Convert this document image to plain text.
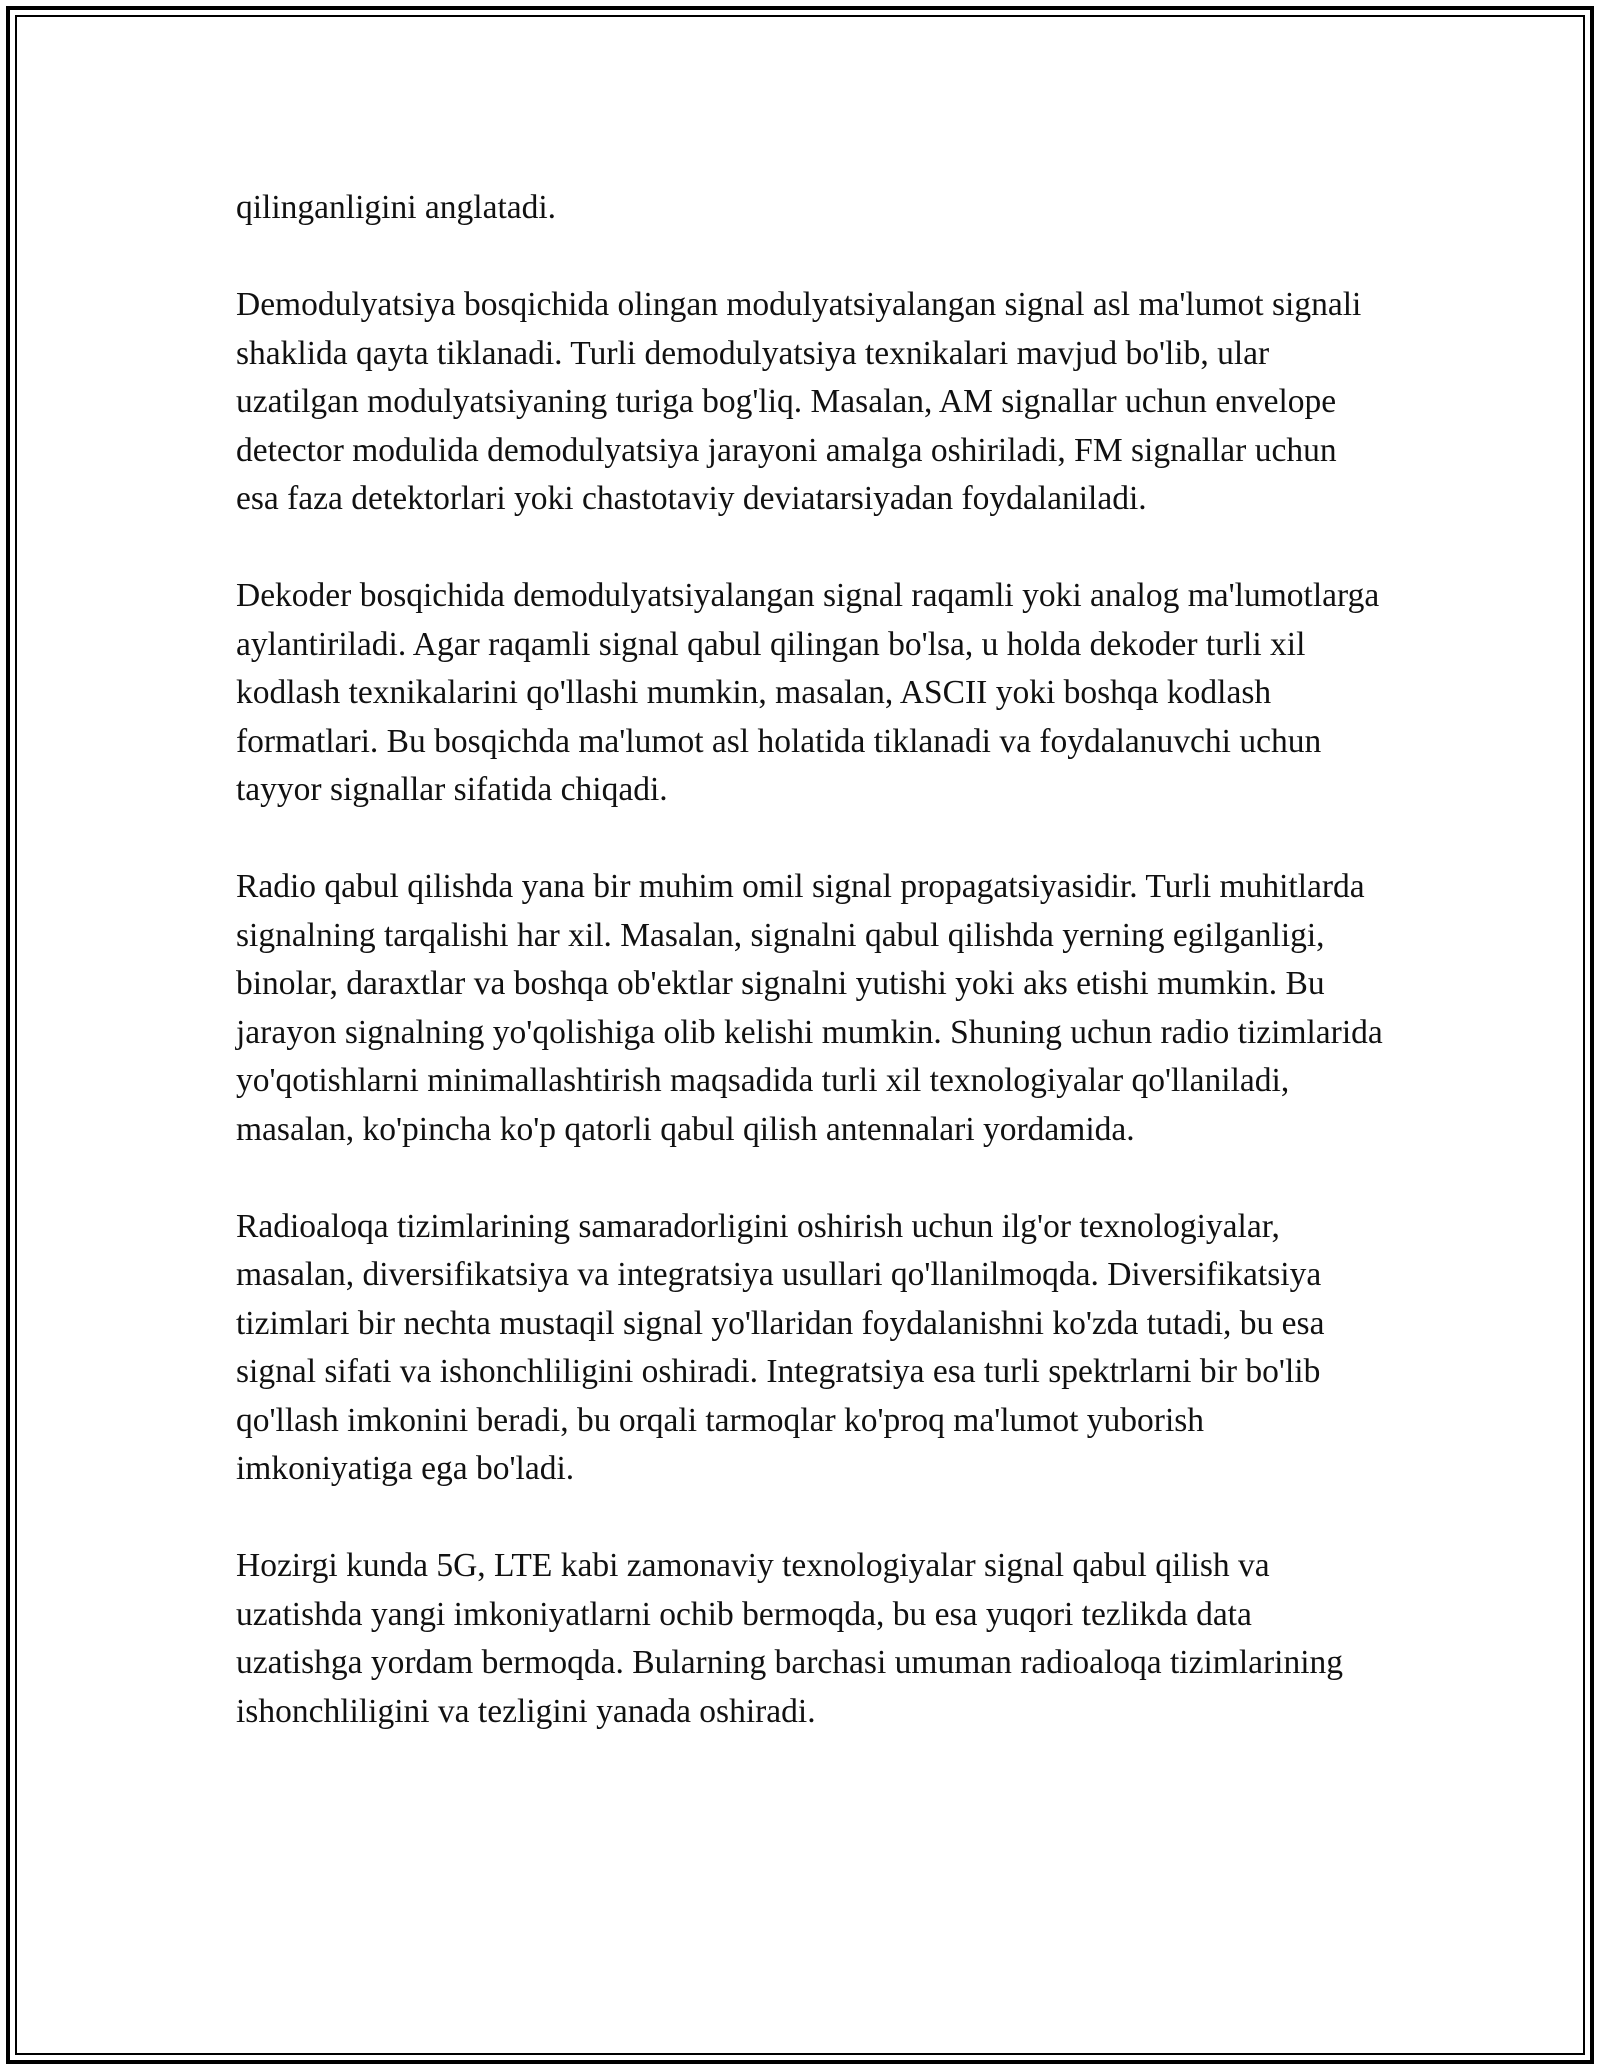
qilinganligini anglatadi.

Demodulyatsiya bosqichida olingan modulyatsiyalangan signal asl ma'lumot signali shaklida qayta tiklanadi. Turli demodulyatsiya texnikalari mavjud bo'lib, ular uzatilgan modulyatsiyaning turiga bog'liq. Masalan, AM signallar uchun envelope detector modulida demodulyatsiya jarayoni amalga oshiriladi, FM signallar uchun esa faza detektorlari yoki chastotaviy deviatarsiyadan foydalaniladi.

Dekoder bosqichida demodulyatsiyalangan signal raqamli yoki analog ma'lumotlarga aylantiriladi. Agar raqamli signal qabul qilingan bo'lsa, u holda dekoder turli xil kodlash texnikalarini qo'llashi mumkin, masalan, ASCII yoki boshqa kodlash formatlari. Bu bosqichda ma'lumot asl holatida tiklanadi va foydalanuvchi uchun tayyor signallar sifatida chiqadi.

Radio qabul qilishda yana bir muhim omil signal propagatsiyasidir. Turli muhitlarda signalning tarqalishi har xil. Masalan, signalni qabul qilishda yerning egilganligi, binolar, daraxtlar va boshqa ob'ektlar signalni yutishi yoki aks etishi mumkin. Bu jarayon signalning yo'qolishiga olib kelishi mumkin. Shuning uchun radio tizimlarida yo'qotishlarni minimallashtirish maqsadida turli xil texnologiyalar qo'llaniladi, masalan, ko'pincha ko'p qatorli qabul qilish antennalari yordamida.

Radioaloqa tizimlarining samaradorligini oshirish uchun ilg'or texnologiyalar, masalan, diversifikatsiya va integratsiya usullari qo'llanilmoqda. Diversifikatsiya tizimlari bir nechta mustaqil signal yo'llaridan foydalanishni ko'zda tutadi, bu esa signal sifati va ishonchliligini oshiradi. Integratsiya esa turli spektrlarni bir bo'lib qo'llash imkonini beradi, bu orqali tarmoqlar ko'proq ma'lumot yuborish imkoniyatiga ega bo'ladi.

Hozirgi kunda 5G, LTE kabi zamonaviy texnologiyalar signal qabul qilish va uzatishda yangi imkoniyatlarni ochib bermoqda, bu esa yuqori tezlikda data uzatishga yordam bermoqda. Bularning barchasi umuman radioaloqa tizimlarining ishonchliligini va tezligini yanada oshiradi.
